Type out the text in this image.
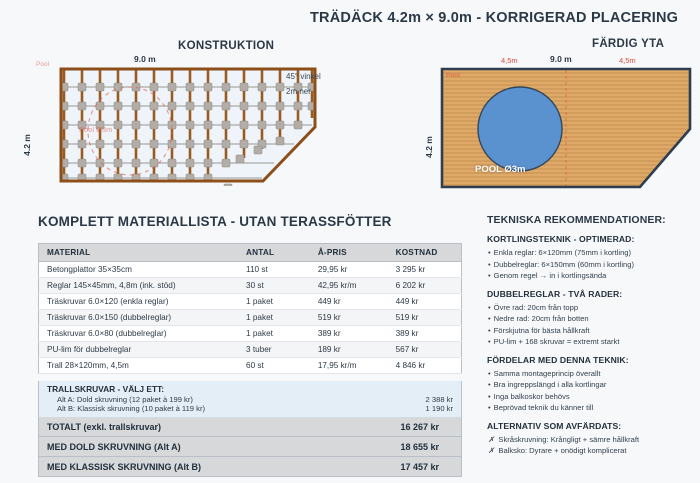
TRÄDÄCK 4.2m × 9.0m - KORRIGERAD PLACERING
KONSTRUKTION
9.0 m
4.2 m
Pool Ø3m
Pool
45° vinkel
2m ner
FÄRDIG YTA
4.2 m
9.0 m
4,5m	4,5m
POOL Ø3m
Pool
KOMPLETT MATERIALLISTA - UTAN TERASSFÖTTER
MATERIAL	ANTAL	Å-PRIS	KOSTNAD
Betongplattor 35×35cm	110 st	29,95 kr	3 295 kr
Reglar 145×45mm, 4,8m (ink. stöd)	30 st	42,95 kr/m	6 202 kr
Träskruvar 6.0×120 (enkla reglar)	1 paket	449 kr	449 kr
Träskruvar 6.0×150 (dubbelreglar)	1 paket	519 kr	519 kr
Träskruvar 6.0×80 (dubbelreglar)	1 paket	389 kr	389 kr
PU-lim för dubbelreglar	3 tuber	189 kr	567 kr
Trall 28×120mm, 4,5m	60 st	17,95 kr/m	4 846 kr
TRALLSKRUVAR - VÄLJ ETT:
Alt A: Dold skruvning (12 paket à 199 kr)	2 388 kr
Alt B: Klassisk skruvning (10 paket à 119 kr)	1 190 kr
TOTALT (exkl. trallskruvar)	16 267 kr
MED DOLD SKRUVNING (Alt A)	18 655 kr
MED KLASSISK SKRUVNING (Alt B)	17 457 kr
TEKNISKA REKOMMENDATIONER:
KORTLINGSTEKNIK - OPTIMERAD:
• Enkla reglar: 6×120mm (75mm i kortling)
• Dubbelreglar: 6×150mm (60mm i kortling)
• Genom regel → in i kortlingsända
DUBBELREGLAR - TVÅ RADER:
• Övre rad: 20cm från topp
• Nedre rad: 20cm från botten
• Förskjutna för bästa hållkraft
• PU-lim + 168 skruvar = extremt starkt
FÖRDELAR MED DENNA TEKNIK:
• Samma montageprincip överallt
• Bra ingreppslängd i alla kortlingar
• Inga balkoskor behövs
• Beprövad teknik du känner till
ALTERNATIV SOM AVFÄRDATS:
✗ Skråskruvning: Krångligt + sämre hållkraft
✗ Balksko: Dyrare + onödigt komplicerat
